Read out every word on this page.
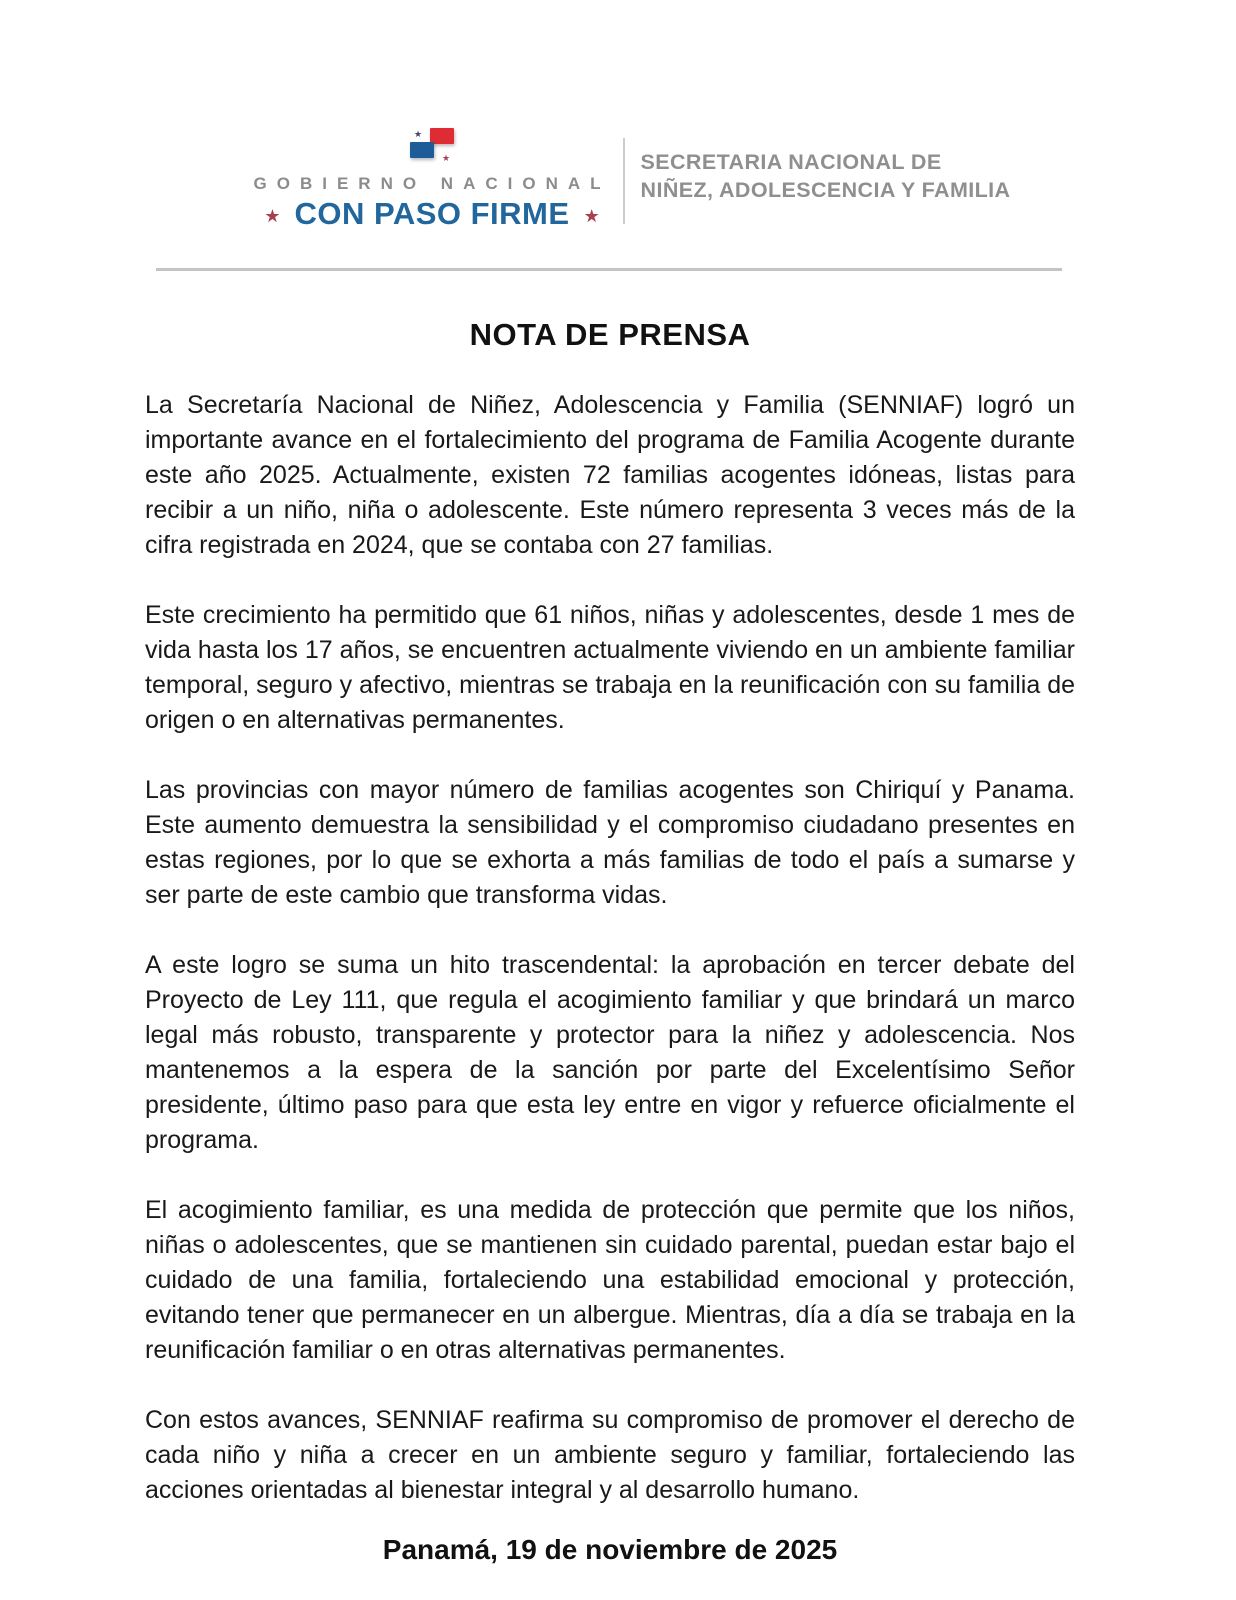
★
★
GOBIERNO NACIONAL
★ CON PASO FIRME ★
SECRETARIA NACIONAL DE
NIÑEZ, ADOLESCENCIA Y FAMILIA
NOTA DE PRENSA

La Secretaría Nacional de Niñez, Adolescencia y Familia (SENNIAF) logró un importante avance en el fortalecimiento del programa de Familia Acogente durante este año 2025. Actualmente, existen 72 familias acogentes idóneas, listas para recibir a un niño, niña o adolescente. Este número representa 3 veces más de la cifra registrada en 2024, que se contaba con 27 familias.

Este crecimiento ha permitido que 61 niños, niñas y adolescentes, desde 1 mes de vida hasta los 17 años, se encuentren actualmente viviendo en un ambiente familiar temporal, seguro y afectivo, mientras se trabaja en la reunificación con su familia de origen o en alternativas permanentes.

Las provincias con mayor número de familias acogentes son Chiriquí y Panama. Este aumento demuestra la sensibilidad y el compromiso ciudadano presentes en estas regiones, por lo que se exhorta a más familias de todo el país a sumarse y ser parte de este cambio que transforma vidas.

A este logro se suma un hito trascendental: la aprobación en tercer debate del Proyecto de Ley 111, que regula el acogimiento familiar y que brindará un marco legal más robusto, transparente y protector para la niñez y adolescencia. Nos mantenemos a la espera de la sanción por parte del Excelentísimo Señor presidente, último paso para que esta ley entre en vigor y refuerce oficialmente el programa.

El acogimiento familiar, es una medida de protección que permite que los niños, niñas o adolescentes, que se mantienen sin cuidado parental, puedan estar bajo el cuidado de una familia, fortaleciendo una estabilidad emocional y protección, evitando tener que permanecer en un albergue. Mientras, día a día se trabaja en la reunificación familiar o en otras alternativas permanentes.

Con estos avances, SENNIAF reafirma su compromiso de promover el derecho de cada niño y niña a crecer en un ambiente seguro y familiar, fortaleciendo las acciones orientadas al bienestar integral y al desarrollo humano.

Panamá, 19 de noviembre de 2025
